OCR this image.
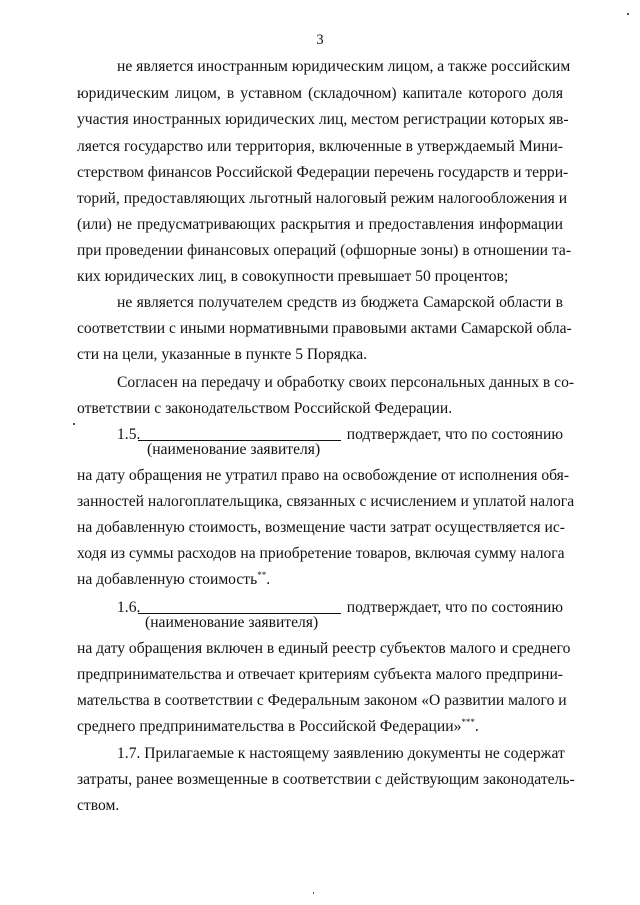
3
не является иностранным юридическим лицом, а также российским
юридическим лицом, в уставном (складочном) капитале которого доля
участия иностранных юридических лиц, местом регистрации которых яв-
ляется государство или территория, включенные в утверждаемый Мини-
стерством финансов Российской Федерации перечень государств и терри-
торий, предоставляющих льготный налоговый режим налогообложения и
(или) не предусматривающих раскрытия и предоставления информации
при проведении финансовых операций (офшорные зоны) в отношении та-
ких юридических лиц, в совокупности превышает 50 процентов;
не является получателем средств из бюджета Самарской области в
соответствии с иными нормативными правовыми актами Самарской обла-
сти на цели, указанные в пункте 5 Порядка.
Согласен на передачу и обработку своих персональных данных в со-
ответствии с законодательством Российской Федерации.
1.5.	подтверждает, что по состоянию
(наименование заявителя)
на дату обращения не утратил право на освобождение от исполнения обя-
занностей налогоплательщика, связанных с исчислением и уплатой налога
на добавленную стоимость, возмещение части затрат осуществляется ис-
ходя из суммы расходов на приобретение товаров, включая сумму налога
на добавленную стоимость**.
1.6.	подтверждает, что по состоянию
(наименование заявителя)
на дату обращения включен в единый реестр субъектов малого и среднего
предпринимательства и отвечает критериям субъекта малого предприни-
мательства в соответствии с Федеральным законом «О развитии малого и
среднего предпринимательства в Российской Федерации»***.
1.7. Прилагаемые к настоящему заявлению документы не содержат
затраты, ранее возмещенные в соответствии с действующим законодатель-
ством.
